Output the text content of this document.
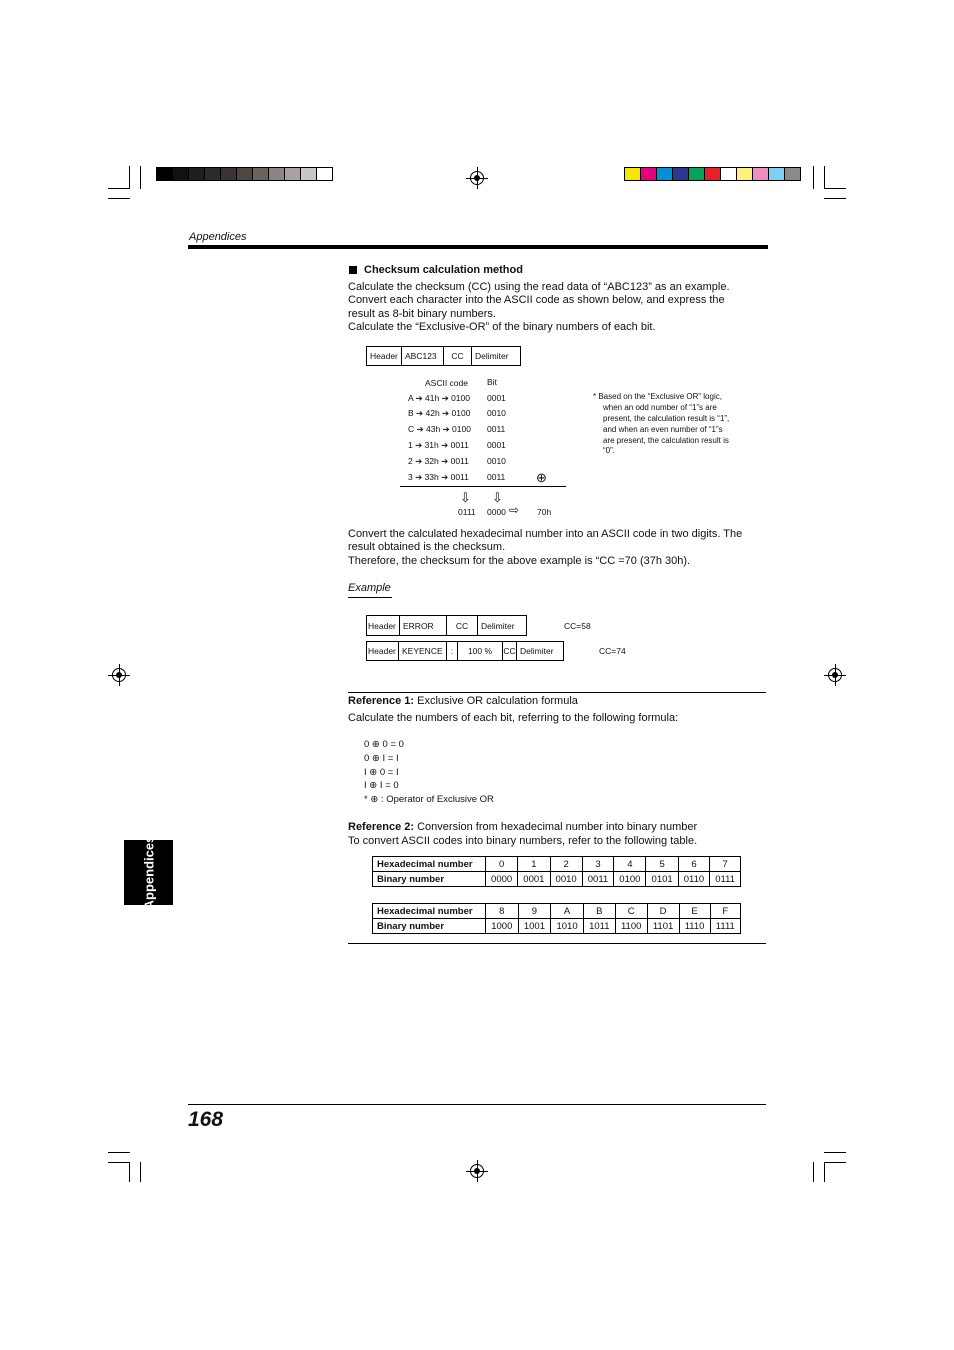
Appendices
Appendices
Checksum calculation method
Calculate the checksum (CC) using the read data of “ABC123” as an example.
Convert each character into the ASCII code as shown below, and express the
result as 8-bit binary numbers.
Calculate the “Exclusive-OR” of the binary numbers of each bit.
Header ABC123	CC	Delimiter
ASCII code Bit
A ➔ 41h ➔ 0100 0001
B ➔ 42h ➔ 0100 0010
C ➔ 43h ➔ 0100 0011
1 ➔ 31h ➔ 0011 0001
2 ➔ 32h ➔ 0011 0010
3 ➔ 33h ➔ 0011 0011 ⊕
⇩ ⇩
0111 0000 ⇨ 70h
* Based on the “Exclusive OR” logic,
when an odd number of “1”s are
present, the calculation result is “1”,
and when an even number of “1”s
are present, the calculation result is
“0”.
Convert the calculated hexadecimal number into an ASCII code in two digits. The
result obtained is the checksum.
Therefore, the checksum for the above example is “CC =70 (37h 30h).
Example
Header ERROR	CC	Delimiter	CC=58
Header KEYENCE :	100 %	CC Delimiter	CC=74
Reference 1: Exclusive OR calculation formula
Calculate the numbers of each bit, referring to the following formula:
0 ⊕ 0 = 0
0 ⊕ I = I
I ⊕ 0 = I
I ⊕ I = 0
* ⊕ : Operator of Exclusive OR
Reference 2: Conversion from hexadecimal number into binary number
To convert ASCII codes into binary numbers, refer to the following table.
Hexadecimal number	0	1	2	3	4	5	6	7
Binary number	0000	0001	0010	0011	0100	0101	0110	0111
Hexadecimal number	8	9	A	B	C	D	E	F
Binary number	1000	1001	1010	1011	1100	1101	1110	1111
168
